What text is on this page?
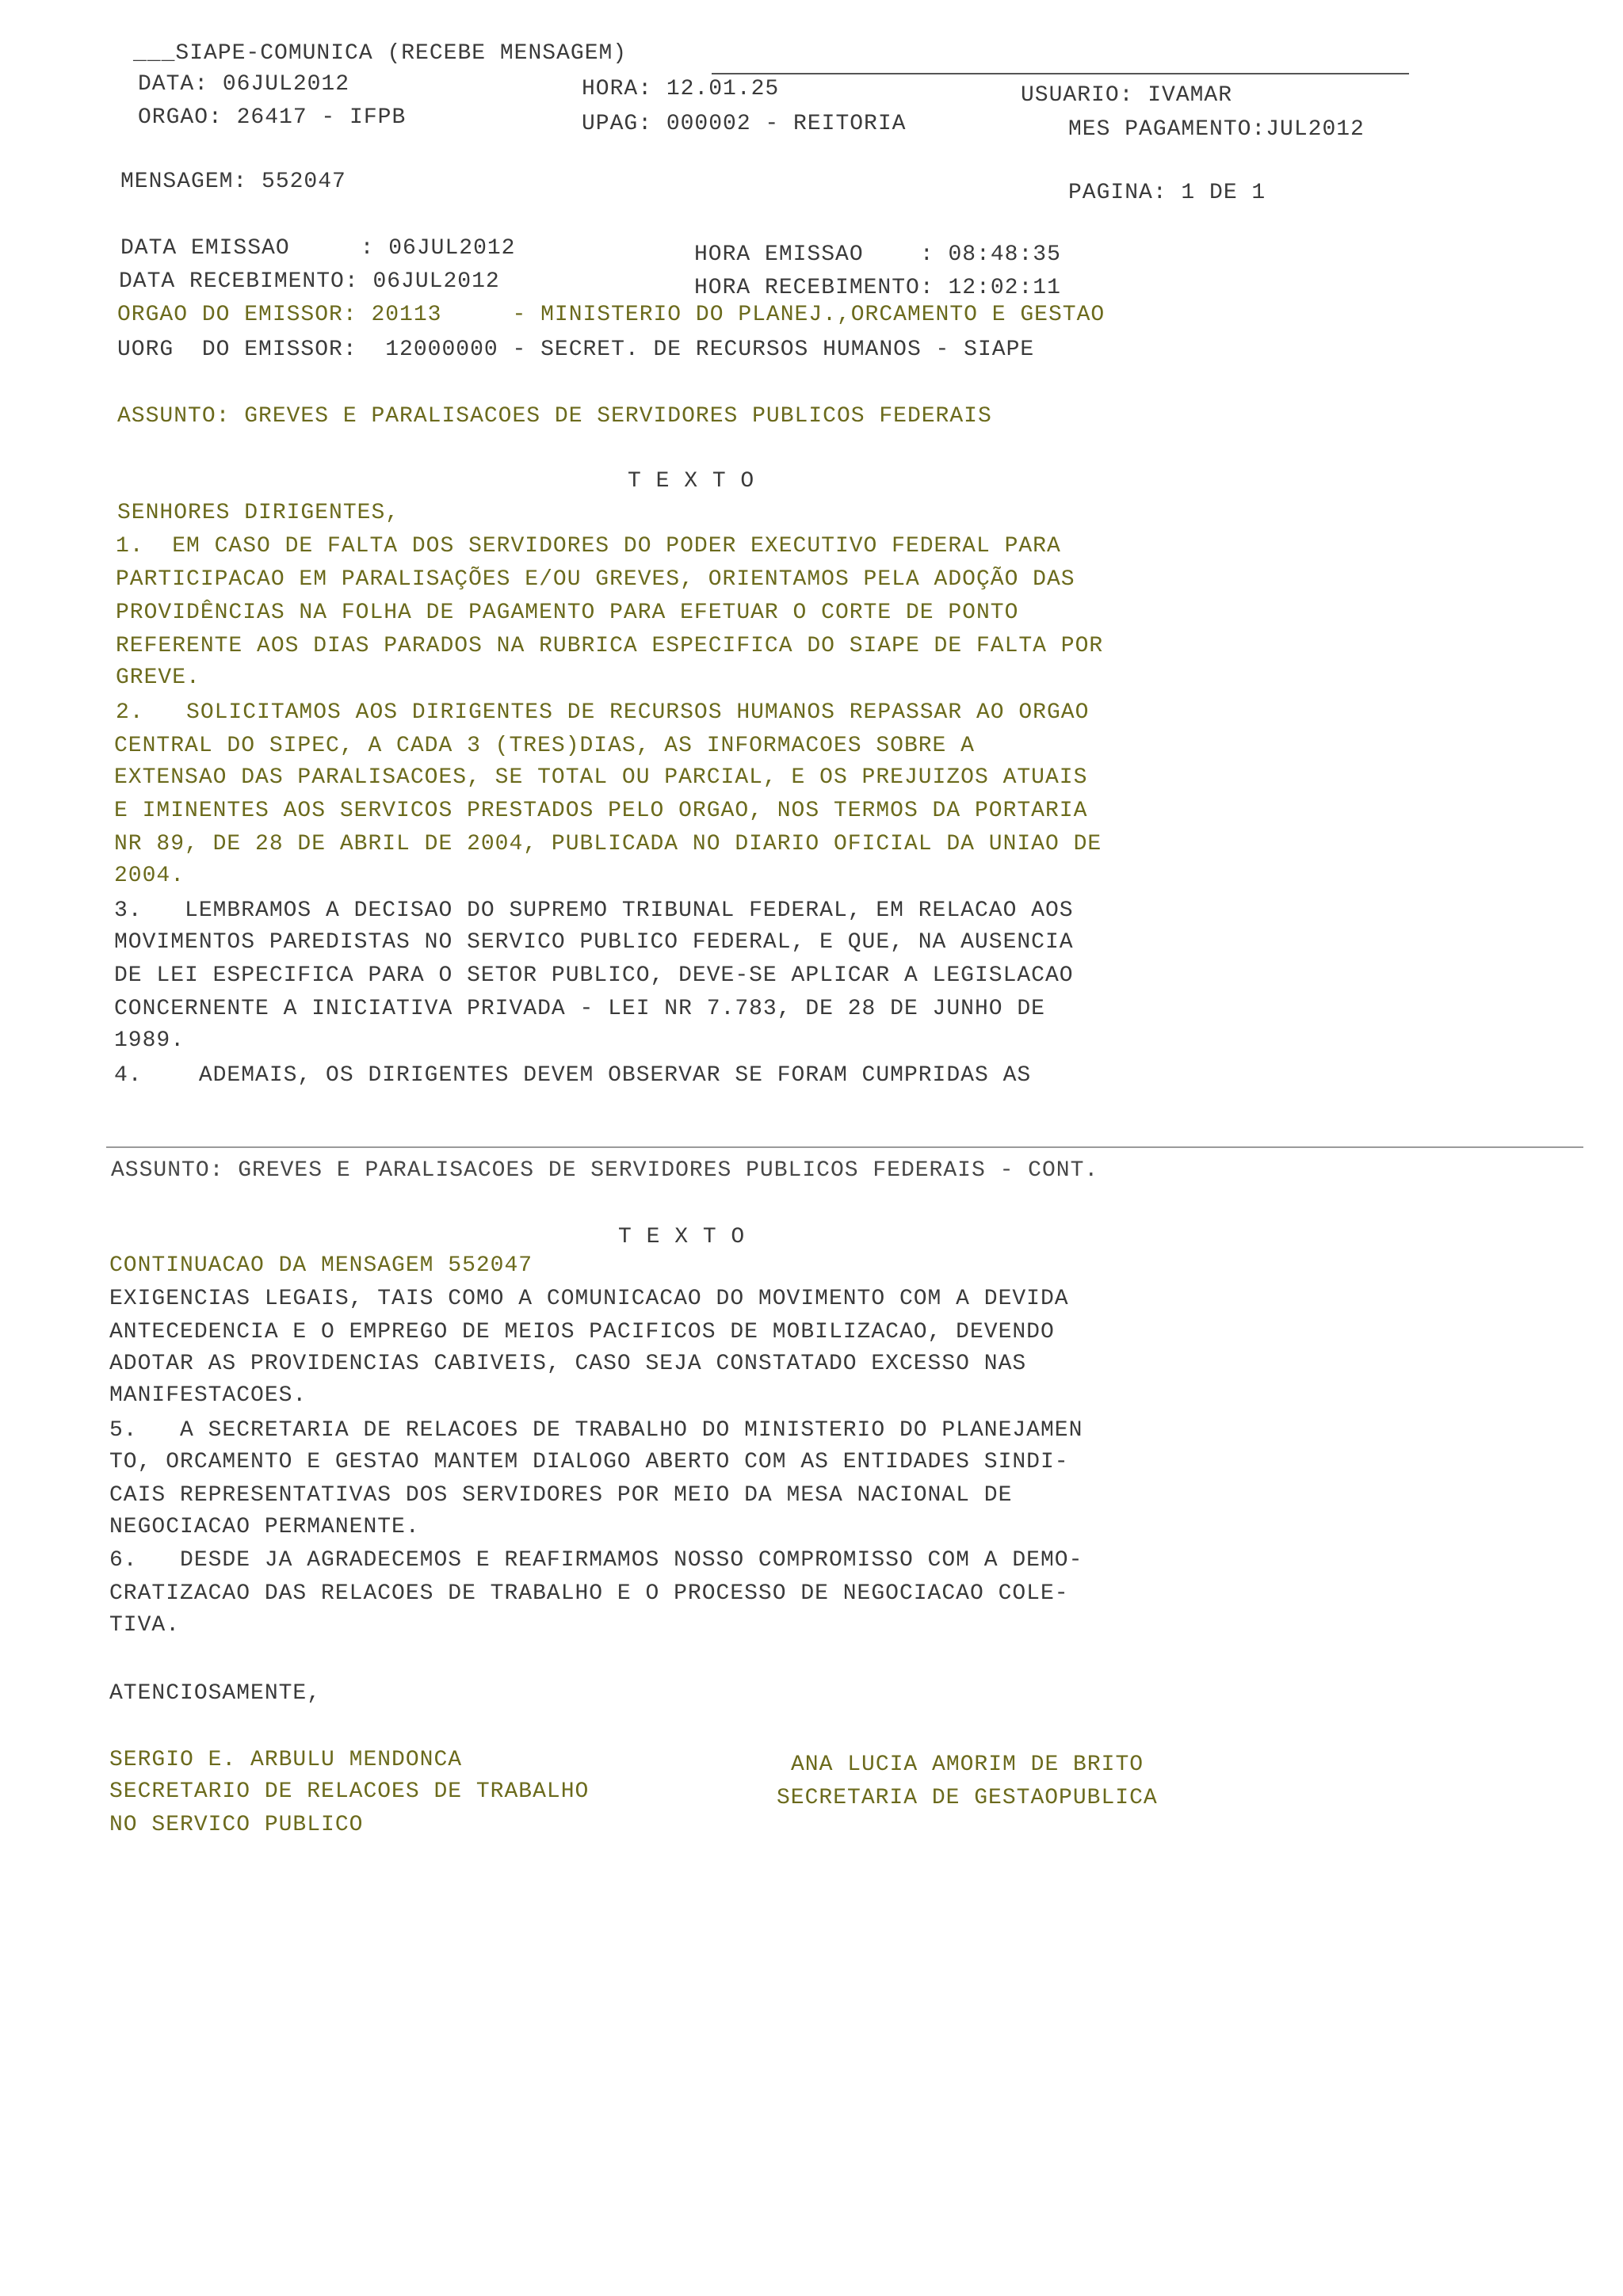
___SIAPE-COMUNICA (RECEBE MENSAGEM)
DATA: 06JUL2012	HORA: 12.01.25	USUARIO: IVAMAR
ORGAO: 26417 - IFPB	UPAG: 000002 - REITORIA	MES PAGAMENTO:JUL2012
MENSAGEM: 552047	PAGINA: 1 DE 1
DATA EMISSAO     : 06JUL2012	HORA EMISSAO    : 08:48:35
DATA RECEBIMENTO: 06JUL2012	HORA RECEBIMENTO: 12:02:11
ORGAO DO EMISSOR: 20113     - MINISTERIO DO PLANEJ.,ORCAMENTO E GESTAO
UORG  DO EMISSOR:  12000000 - SECRET. DE RECURSOS HUMANOS - SIAPE
ASSUNTO: GREVES E PARALISACOES DE SERVIDORES PUBLICOS FEDERAIS
T E X T O
SENHORES DIRIGENTES,
1.  EM CASO DE FALTA DOS SERVIDORES DO PODER EXECUTIVO FEDERAL PARA
PARTICIPACAO EM PARALISAÇÕES E/OU GREVES, ORIENTAMOS PELA ADOÇÃO DAS
PROVIDÊNCIAS NA FOLHA DE PAGAMENTO PARA EFETUAR O CORTE DE PONTO
REFERENTE AOS DIAS PARADOS NA RUBRICA ESPECIFICA DO SIAPE DE FALTA POR
GREVE.
2.   SOLICITAMOS AOS DIRIGENTES DE RECURSOS HUMANOS REPASSAR AO ORGAO
CENTRAL DO SIPEC, A CADA 3 (TRES)DIAS, AS INFORMACOES SOBRE A
EXTENSAO DAS PARALISACOES, SE TOTAL OU PARCIAL, E OS PREJUIZOS ATUAIS
E IMINENTES AOS SERVICOS PRESTADOS PELO ORGAO, NOS TERMOS DA PORTARIA
NR 89, DE 28 DE ABRIL DE 2004, PUBLICADA NO DIARIO OFICIAL DA UNIAO DE
2004.
3.   LEMBRAMOS A DECISAO DO SUPREMO TRIBUNAL FEDERAL, EM RELACAO AOS
MOVIMENTOS PAREDISTAS NO SERVICO PUBLICO FEDERAL, E QUE, NA AUSENCIA
DE LEI ESPECIFICA PARA O SETOR PUBLICO, DEVE-SE APLICAR A LEGISLACAO
CONCERNENTE A INICIATIVA PRIVADA - LEI NR 7.783, DE 28 DE JUNHO DE
1989.
4.    ADEMAIS, OS DIRIGENTES DEVEM OBSERVAR SE FORAM CUMPRIDAS AS
ASSUNTO: GREVES E PARALISACOES DE SERVIDORES PUBLICOS FEDERAIS - CONT.
T E X T O
CONTINUACAO DA MENSAGEM 552047
EXIGENCIAS LEGAIS, TAIS COMO A COMUNICACAO DO MOVIMENTO COM A DEVIDA
ANTECEDENCIA E O EMPREGO DE MEIOS PACIFICOS DE MOBILIZACAO, DEVENDO
ADOTAR AS PROVIDENCIAS CABIVEIS, CASO SEJA CONSTATADO EXCESSO NAS
MANIFESTACOES.
5.   A SECRETARIA DE RELACOES DE TRABALHO DO MINISTERIO DO PLANEJAMEN
TO, ORCAMENTO E GESTAO MANTEM DIALOGO ABERTO COM AS ENTIDADES SINDI-
CAIS REPRESENTATIVAS DOS SERVIDORES POR MEIO DA MESA NACIONAL DE
NEGOCIACAO PERMANENTE.
6.   DESDE JA AGRADECEMOS E REAFIRMAMOS NOSSO COMPROMISSO COM A DEMO-
CRATIZACAO DAS RELACOES DE TRABALHO E O PROCESSO DE NEGOCIACAO COLE-
TIVA.
ATENCIOSAMENTE,
SERGIO E. ARBULU MENDONCA
SECRETARIO DE RELACOES DE TRABALHO
NO SERVICO PUBLICO
ANA LUCIA AMORIM DE BRITO
SECRETARIA DE GESTAOPUBLICA
